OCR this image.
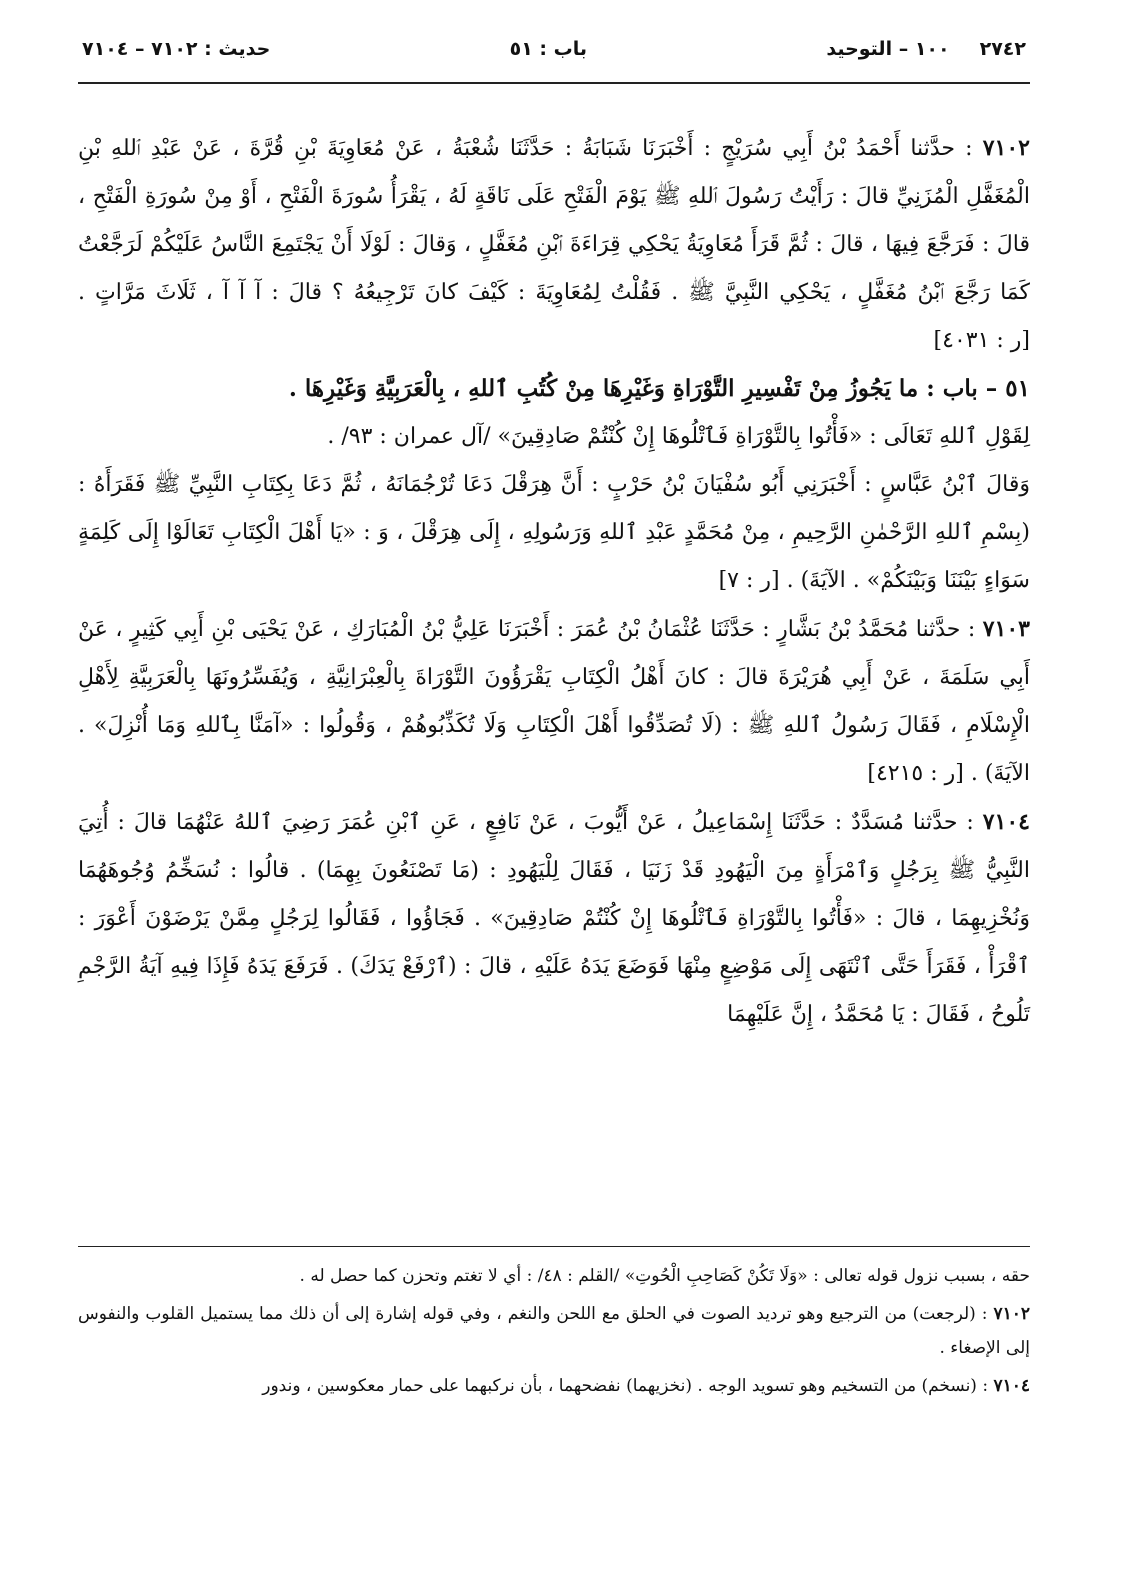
٢٧٤٢
١٠٠ – التوحيد
باب : ٥١
حديث : ٧١٠٢ – ٧١٠٤

٧١٠٢ : حدَّثنا أَحْمَدُ بْنُ أَبِي سُرَيْجٍ : أَخْبَرَنَا شَبَابَةُ : حَدَّثَنَا شُعْبَةُ ، عَنْ مُعَاوِيَةَ بْنِ قُرَّةَ ، عَنْ عَبْدِ ٱللهِ بْنِ الْمُغَفَّلِ الْمُزَنِيِّ قالَ : رَأَيْتُ رَسُولَ ٱللهِ ﷺ يَوْمَ الْفَتْحِ عَلَى نَاقَةٍ لَهُ ، يَقْرَأُ سُورَةَ الْفَتْحِ ، أَوْ مِنْ سُورَةِ الْفَتْحِ ، قالَ : فَرَجَّعَ فِيهَا ، قالَ : ثُمَّ قَرَأَ مُعَاوِيَةُ يَحْكِي قِرَاءَةَ ٱبْنِ مُغَفَّلٍ ، وَقالَ : لَوْلَا أَنْ يَجْتَمِعَ النَّاسُ عَلَيْكُمْ لَرَجَّعْتُ كَمَا رَجَّعَ ٱبْنُ مُغَفَّلٍ ، يَحْكِي النَّبِيَّ ﷺ . فَقُلْتُ لِمُعَاوِيَةَ : كَيْفَ كانَ تَرْجِيعُهُ ؟ قالَ : آ آ آ ، ثَلَاثَ مَرَّاتٍ . [ر : ٤٠٣١]

٥١ – باب : ما يَجُوزُ مِنْ تَفْسِيرِ التَّوْرَاةِ وَغَيْرِهَا مِنْ كُتُبِ ٱللهِ ، بِالْعَرَبِيَّةِ وَغَيْرِهَا .

لِقَوْلِ ٱللهِ تَعَالَى : «فَأْتُوا بِالتَّوْرَاةِ فَٱتْلُوهَا إِنْ كُنْتُمْ صَادِقِينَ» /آل عمران : ٩٣/ .

وَقالَ ٱبْنُ عَبَّاسٍ : أَخْبَرَنِي أَبُو سُفْيَانَ بْنُ حَرْبٍ : أَنَّ هِرَقْلَ دَعَا تُرْجُمَانَهُ ، ثُمَّ دَعَا بِكِتَابِ النَّبِيِّ ﷺ فَقَرَأَهُ : (بِسْمِ ٱللهِ الرَّحْمٰنِ الرَّحِيمِ ، مِنْ مُحَمَّدٍ عَبْدِ ٱللهِ وَرَسُولِهِ ، إِلَى هِرَقْلَ ، وَ : «يَا أَهْلَ الْكِتَابِ تَعَالَوْا إِلَى كَلِمَةٍ سَوَاءٍ بَيْنَنَا وَبَيْنَكُمْ» . الآيَةَ) . [ر : ٧]

٧١٠٣ : حدَّثنا مُحَمَّدُ بْنُ بَشَّارٍ : حَدَّثَنَا عُثْمَانُ بْنُ عُمَرَ : أَخْبَرَنَا عَلِيُّ بْنُ الْمُبَارَكِ ، عَنْ يَحْيَى بْنِ أَبِي كَثِيرٍ ، عَنْ أَبِي سَلَمَةَ ، عَنْ أَبِي هُرَيْرَةَ قالَ : كانَ أَهْلُ الْكِتَابِ يَقْرَؤُونَ التَّوْرَاةَ بِالْعِبْرَانِيَّةِ ، وَيُفَسِّرُونَهَا بِالْعَرَبِيَّةِ لِأَهْلِ الْإِسْلَامِ ، فَقَالَ رَسُولُ ٱللهِ ﷺ : (لَا تُصَدِّقُوا أَهْلَ الْكِتَابِ وَلَا تُكَذِّبُوهُمْ ، وَقُولُوا : «آمَنَّا بِٱللهِ وَمَا أُنْزِلَ» . الآيَةَ) . [ر : ٤٢١٥]

٧١٠٤ : حدَّثنا مُسَدَّدٌ : حَدَّثَنَا إِسْمَاعِيلُ ، عَنْ أَيُّوبَ ، عَنْ نَافِعٍ ، عَنِ ٱبْنِ عُمَرَ رَضِيَ ٱللهُ عَنْهُمَا قالَ : أُتِيَ النَّبِيُّ ﷺ بِرَجُلٍ وَٱمْرَأَةٍ مِنَ الْيَهُودِ قَدْ زَنَيَا ، فَقَالَ لِلْيَهُودِ : (مَا تَصْنَعُونَ بِهِمَا) . قالُوا : نُسَخِّمُ وُجُوهَهُمَا وَنُخْزِيهِمَا ، قالَ : «فَأْتُوا بِالتَّوْرَاةِ فَٱتْلُوهَا إِنْ كُنْتُمْ صَادِقِينَ» . فَجَاؤُوا ، فَقَالُوا لِرَجُلٍ مِمَّنْ يَرْضَوْنَ أَعْوَرَ : ٱقْرَأْ ، فَقَرَأَ حَتَّى ٱنْتَهَى إِلَى مَوْضِعٍ مِنْهَا فَوَضَعَ يَدَهُ عَلَيْهِ ، قالَ : (ٱرْفَعْ يَدَكَ) . فَرَفَعَ يَدَهُ فَإِذَا فِيهِ آيَةُ الرَّجْمِ تَلُوحُ ، فَقَالَ : يَا مُحَمَّدُ ، إِنَّ عَلَيْهِمَا

حقه ، بسبب نزول قوله تعالى : «وَلَا تَكُنْ كَصَاحِبِ الْحُوتِ» /القلم : ٤٨/ : أي لا تغتم وتحزن كما حصل له .

٧١٠٢ : (لرجعت) من الترجيع وهو ترديد الصوت في الحلق مع اللحن والنغم ، وفي قوله إشارة إلى أن ذلك مما يستميل القلوب والنفوس إلى الإصغاء .

٧١٠٤ : (نسخم) من التسخيم وهو تسويد الوجه . (نخزيهما) نفضحهما ، بأن نركبهما على حمار معكوسين ، وندور
